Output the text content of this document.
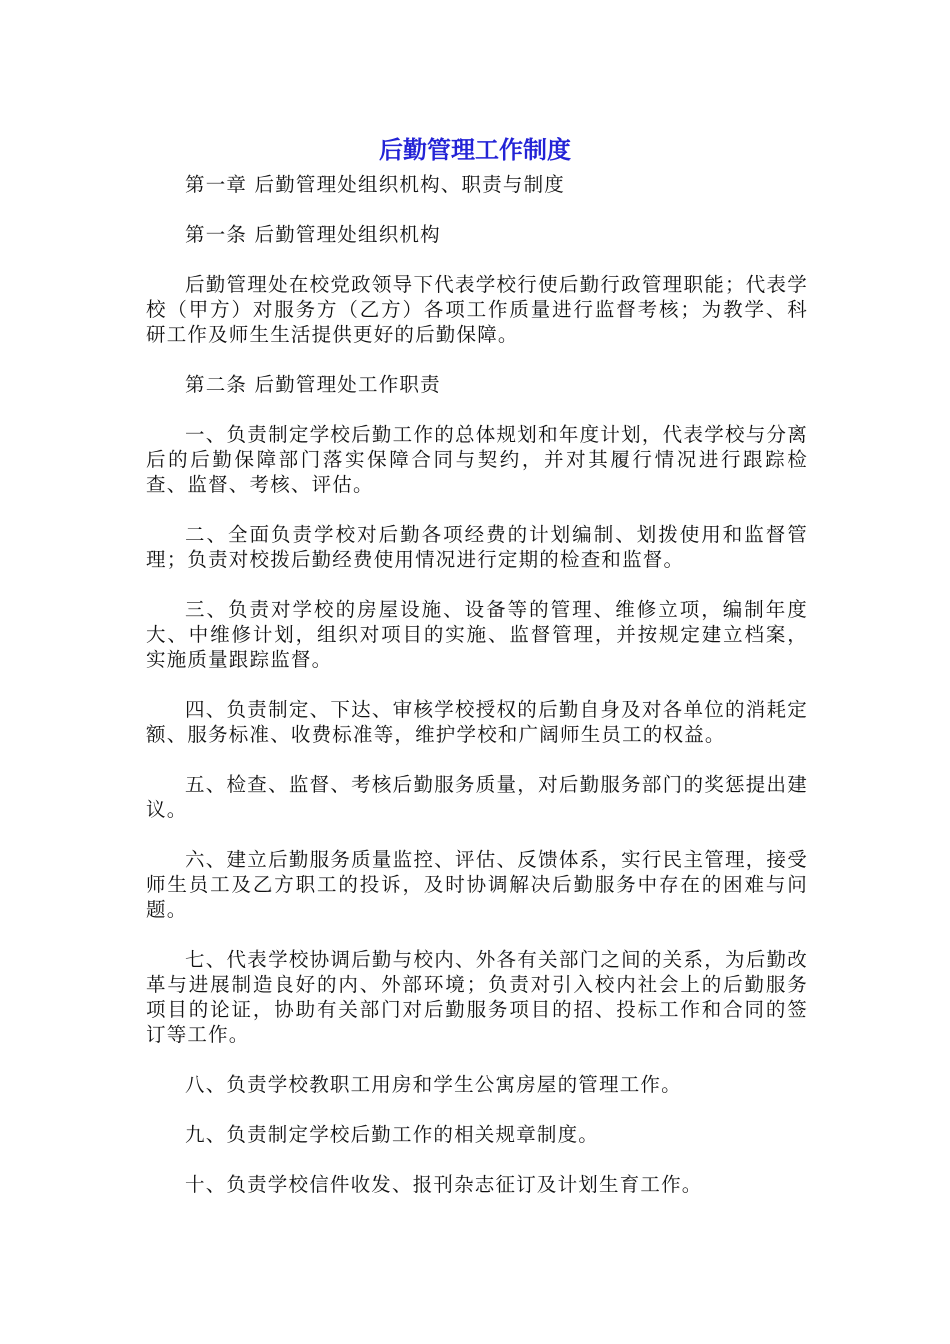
后勤管理工作制度

第一章 后勤管理处组织机构、职责与制度

第一条 后勤管理处组织机构

后勤管理处在校党政领导下代表学校行使后勤行政管理职能；代表学校（甲方）对服务方（乙方）各项工作质量进行监督考核；为教学、科研工作及师生生活提供更好的后勤保障。

第二条 后勤管理处工作职责

一、负责制定学校后勤工作的总体规划和年度计划，代表学校与分离后的后勤保障部门落实保障合同与契约，并对其履行情况进行跟踪检查、监督、考核、评估。

二、全面负责学校对后勤各项经费的计划编制、划拨使用和监督管理；负责对校拨后勤经费使用情况进行定期的检查和监督。

三、负责对学校的房屋设施、设备等的管理、维修立项，编制年度大、中维修计划，组织对项目的实施、监督管理，并按规定建立档案，实施质量跟踪监督。

四、负责制定、下达、审核学校授权的后勤自身及对各单位的消耗定额、服务标准、收费标准等，维护学校和广阔师生员工的权益。

五、检查、监督、考核后勤服务质量，对后勤服务部门的奖惩提出建议。

六、建立后勤服务质量监控、评估、反馈体系，实行民主管理，接受师生员工及乙方职工的投诉，及时协调解决后勤服务中存在的困难与问题。

七、代表学校协调后勤与校内、外各有关部门之间的关系，为后勤改革与进展制造良好的内、外部环境；负责对引入校内社会上的后勤服务项目的论证，协助有关部门对后勤服务项目的招、投标工作和合同的签订等工作。

八、负责学校教职工用房和学生公寓房屋的管理工作。

九、负责制定学校后勤工作的相关规章制度。

十、负责学校信件收发、报刊杂志征订及计划生育工作。
